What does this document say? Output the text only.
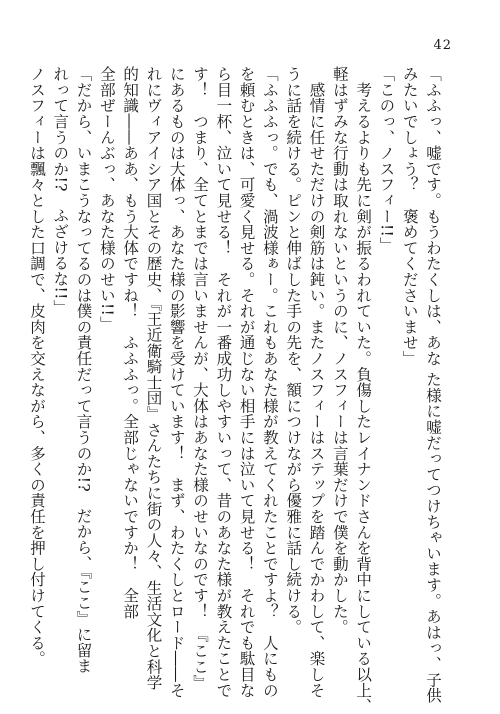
42
「ふふっ、嘘です。もうわたくしは、あな た様に嘘だってつけちゃいます。あはっ、子供
みたいでしょう？　褒めてくださいませ」
「このっ、ノスフィー!!」
　考えるよりも先に剣が振るわれていた。負傷したレイナンドさんを背中にしている以上、
軽はずみな行動は取れないというのに、ノスフィーは言葉だけで僕を動かした。
　感情に任せただけの剣筋は鈍い。またノスフィーはステップを踏んでかわして、楽しそ
うに話を続ける。ピンと伸ばした手の先を、額につけながら優雅に話し続ける。
「ふふふっ。でも、渦波様ぁー。これもあなた様が教えてくれたことですよ？　人にもの
を頼むときは、可愛く見せる。それが通じない相手には泣いて見せる！　それでも駄目な
ら目一杯、泣いて見せる！　それが一番成功しやすいって、昔のあなた様が教えたことで
す！　つまり、全てとまでは言いませんが、大体はあなた様のせいなのです！　『ここ』
にあるものは大体っ、あなた様の影響を受けています！　まず、わたくしとロード――そ
れにヴィアイシア国とその歴史、『王近衛騎士団』さんたちに街の人々、生活文化と科学
的知識――ああ、もう大体ですね！　ふふふっ。全部じゃないですか！　全部
全部ぜーんぶっ、あなた様のせい!!」
「だから、いまこうなってるのは僕の責任だって言うのか!?　だから、『ここ』に留ま
れって言うのか!?　ふざけるな!!」
ノスフィーは飄々とした口調で、皮肉を交えながら、多くの責任を押し付けてくる。
